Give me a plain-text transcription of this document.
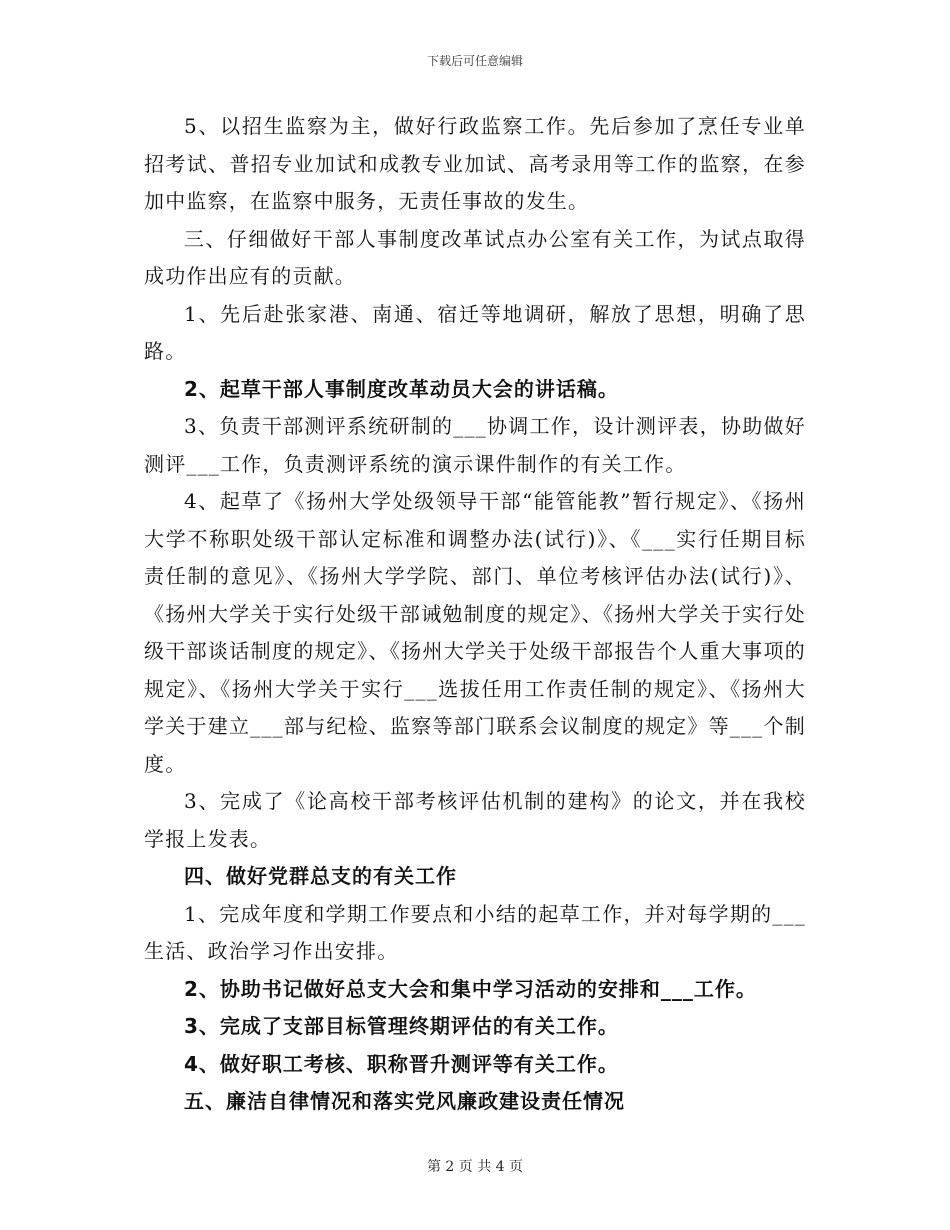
下载后可任意编辑

5、以招生监察为主，做好行政监察工作。先后参加了烹任专业单招考试、普招专业加试和成教专业加试、高考录用等工作的监察，在参加中监察，在监察中服务，无责任事故的发生。

三、仔细做好干部人事制度改革试点办公室有关工作，为试点取得成功作出应有的贡献。

1、先后赴张家港、南通、宿迁等地调研，解放了思想，明确了思路。

2、起草干部人事制度改革动员大会的讲话稿。

3、负责干部测评系统研制的___协调工作，设计测评表，协助做好测评___工作，负责测评系统的演示课件制作的有关工作。

4、起草了《扬州大学处级领导干部“能管能教”暂行规定》、《扬州大学不称职处级干部认定标准和调整办法(试行)》、《___实行任期目标责任制的意见》、《扬州大学学院、部门、单位考核评估办法(试行)》、《扬州大学关于实行处级干部诫勉制度的规定》、《扬州大学关于实行处级干部谈话制度的规定》、《扬州大学关于处级干部报告个人重大事项的规定》、《扬州大学关于实行___选拔任用工作责任制的规定》、《扬州大学关于建立___部与纪检、监察等部门联系会议制度的规定》等___个制度。

3、完成了《论高校干部考核评估机制的建构》的论文，并在我校学报上发表。

四、做好党群总支的有关工作

1、完成年度和学期工作要点和小结的起草工作，并对每学期的___生活、政治学习作出安排。

2、协助书记做好总支大会和集中学习活动的安排和___工作。

3、完成了支部目标管理终期评估的有关工作。

4、做好职工考核、职称晋升测评等有关工作。

五、廉洁自律情况和落实党风廉政建设责任情况

第 2 页 共 4 页
